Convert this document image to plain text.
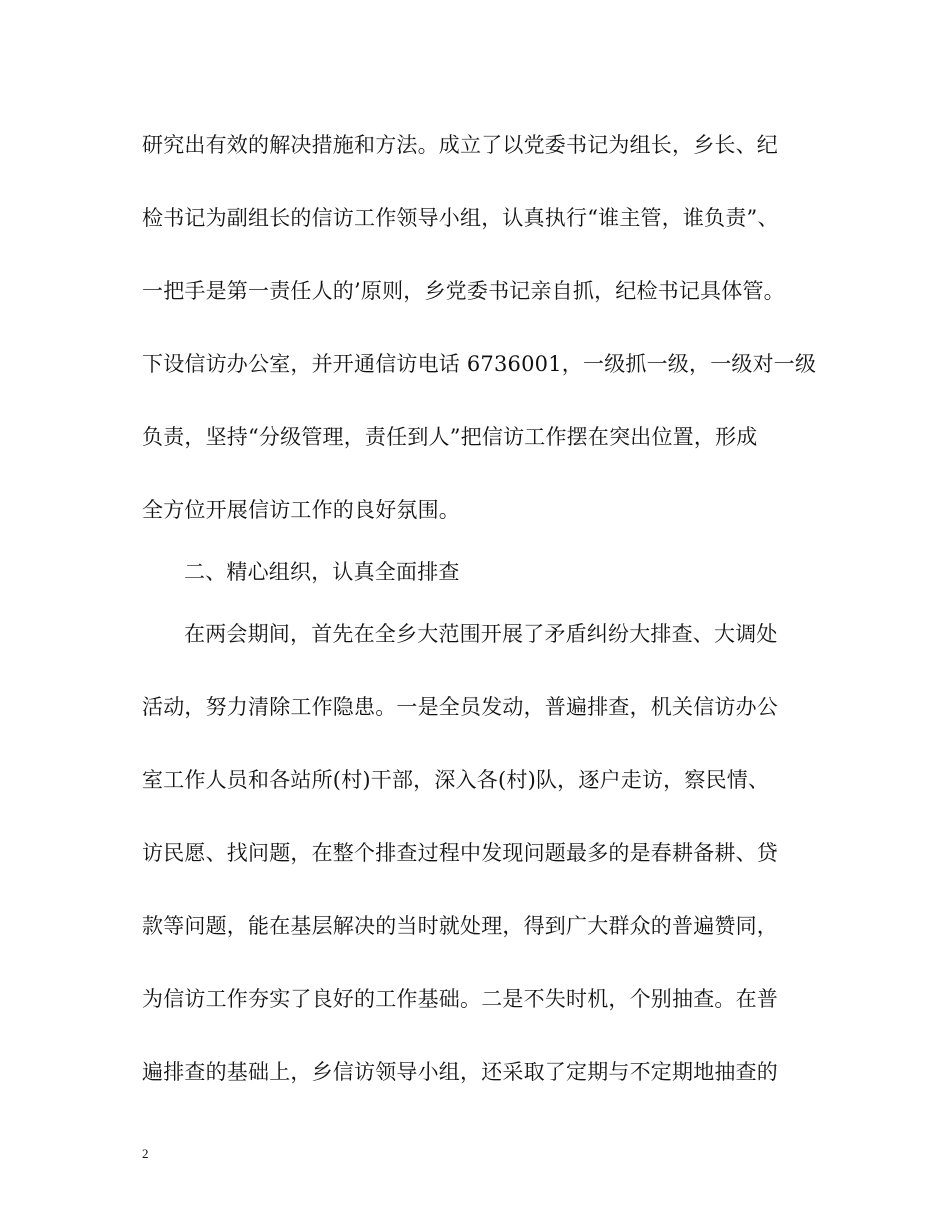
研究出有效的解决措施和方法。成立了以党委书记为组长，乡长、纪
检书记为副组长的信访工作领导小组，认真执行“谁主管，谁负责”、
一把手是第一责任人的’原则，乡党委书记亲自抓，纪检书记具体管。
下设信访办公室，并开通信访电话 6736001，一级抓一级，一级对一级
负责，坚持“分级管理，责任到人”把信访工作摆在突出位置，形成
全方位开展信访工作的良好氛围。
二、精心组织，认真全面排查
在两会期间，首先在全乡大范围开展了矛盾纠纷大排查、大调处
活动，努力清除工作隐患。一是全员发动，普遍排查，机关信访办公
室工作人员和各站所(村)干部，深入各(村)队，逐户走访，察民情、
访民愿、找问题，在整个排查过程中发现问题最多的是春耕备耕、贷
款等问题，能在基层解决的当时就处理，得到广大群众的普遍赞同，
为信访工作夯实了良好的工作基础。二是不失时机，个别抽查。在普
遍排查的基础上，乡信访领导小组，还采取了定期与不定期地抽查的
2
